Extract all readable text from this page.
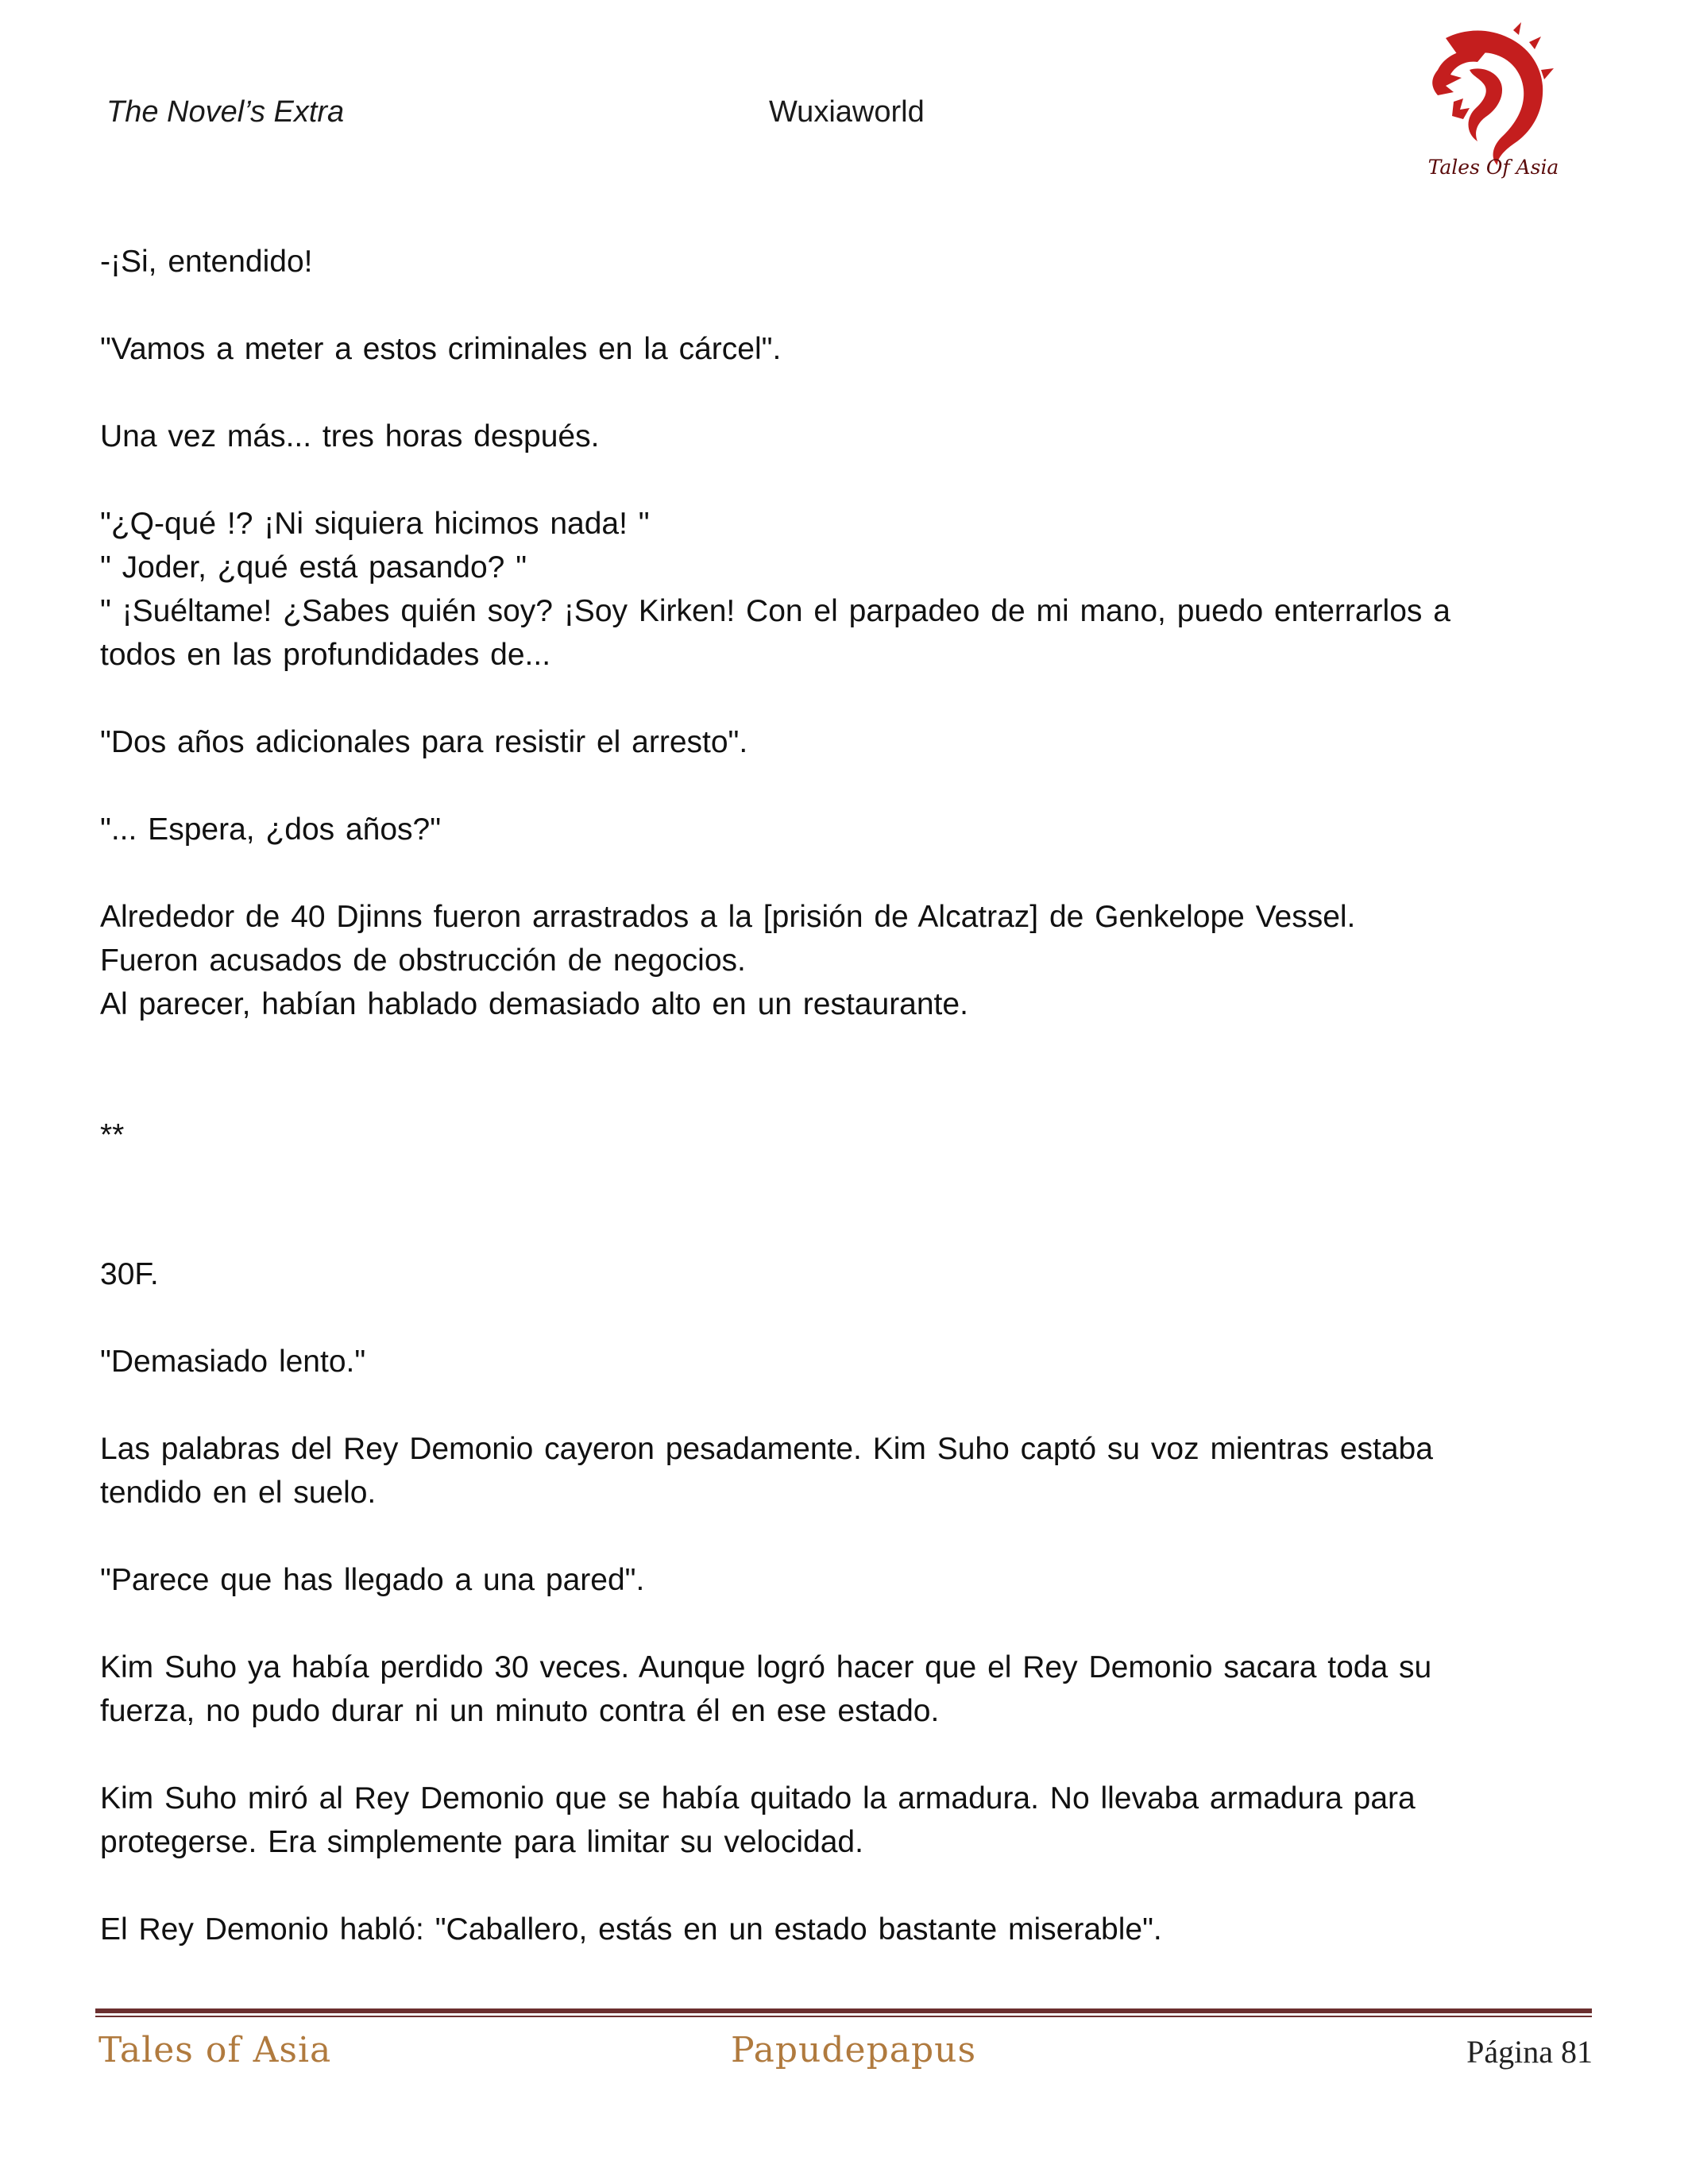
The Novel’s Extra	Wuxiaworld
Tales Of Asia

-¡Si, entendido!

"Vamos a meter a estos criminales en la cárcel".

Una vez más... tres horas después.

"¿Q-qué !? ¡Ni siquiera hicimos nada! "
" Joder, ¿qué está pasando? "
" ¡Suéltame! ¿Sabes quién soy? ¡Soy Kirken! Con el parpadeo de mi mano, puedo enterrarlos a todos en las profundidades de...

"Dos años adicionales para resistir el arresto".

"... Espera, ¿dos años?"

Alrededor de 40 Djinns fueron arrastrados a la [prisión de Alcatraz] de Genkelope Vessel.
Fueron acusados de obstrucción de negocios.
Al parecer, habían hablado demasiado alto en un restaurante.

**

30F.

"Demasiado lento."

Las palabras del Rey Demonio cayeron pesadamente. Kim Suho captó su voz mientras estaba tendido en el suelo.

"Parece que has llegado a una pared".

Kim Suho ya había perdido 30 veces. Aunque logró hacer que el Rey Demonio sacara toda su fuerza, no pudo durar ni un minuto contra él en ese estado.

Kim Suho miró al Rey Demonio que se había quitado la armadura. No llevaba armadura para protegerse. Era simplemente para limitar su velocidad.

El Rey Demonio habló: "Caballero, estás en un estado bastante miserable".

Tales of Asia	Papudepapus	Página 81
